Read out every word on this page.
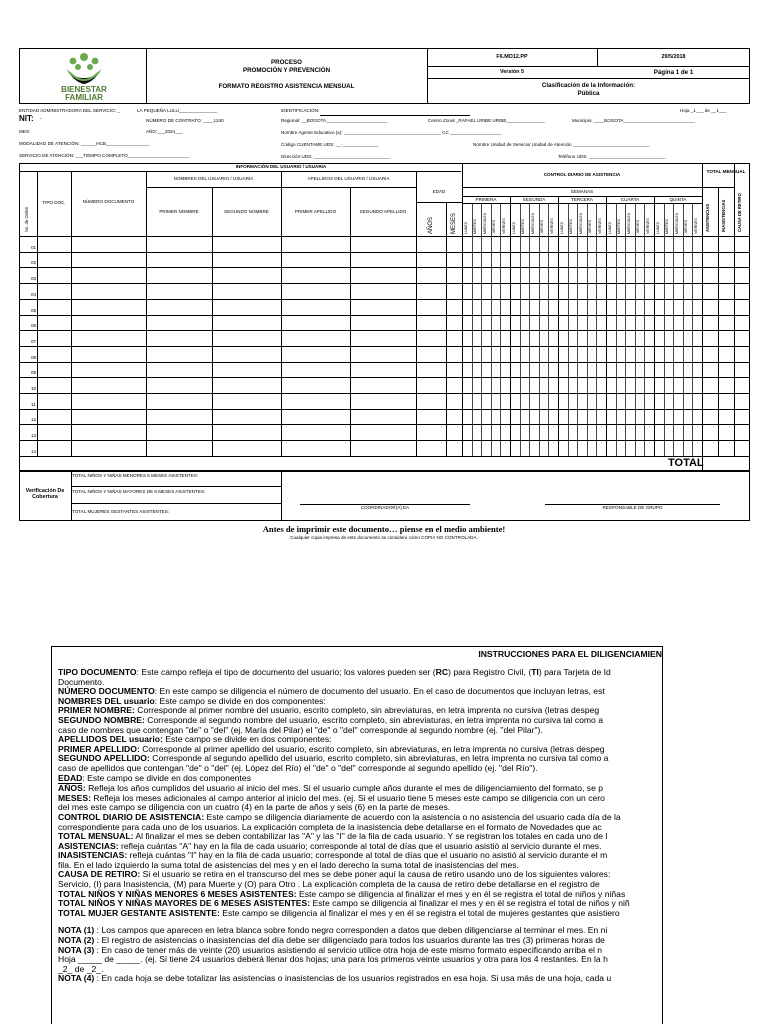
BIENESTAR
FAMILIAR
PROCESO
PROMOCIÓN Y PREVENCIÓN
FORMATO REGISTRO ASISTENCIA MENSUAL
F6.MO12.PP	29/5/2018
Versión 5	Página 1 de 1
Clasificación de la Información:
Pública
ENTIDAD ADMINISTRADORA DEL SERVICIO: _	LA PEQUEÑA LULU_______________
NIT: -	NÚMERO DE CONTRATO: ____1240
MES:	AÑO:___2024___
MODALIDAD DE ATENCIÓN: ______HCB_________________
SERVICIO DE ATENCIÓN: ___TIEMPO COMPLETO________________________
IDENTIFICACIÓN:	Hoja _1___ de __1___
Regional: __BOGOTA________________________	Centro Zonal _RAFAEL URIBE URIBE_______________	Municipio: ____BOGOTA____________________________
Nombre Agente Educativo (a): ______________________________________ CC ____________________
Código CUENTAME UDS: __-______________	Nombre Unidad de Servicio/ Unidad de Atención ______________________________
Dirección UDS: ______________________________	Teléfono UDS: ______________________________
INFORMACIÓN DEL USUARIO / USUARIA
No. de Orden
TIPO DOC.	NÚMERO DOCUMENTO
NOMBRES DEL USUARIO / USUARIA	APELLIDOS DEL USUARIO / USUARIA
PRIMER NOMBRE	SEGUNDO NOMBRE	PRIMER APELLIDO	SEGUNDO APELLIDO
EDAD
AÑOS	MESES
CONTROL DIARIO DE ASISTENCIA
SEMANAS
TOTAL MENSUAL
ASISTENCIAS	INASISTENCIAS	CAUSA DE RETIRO
PRIMERA
LUNES MARTES MIÉRCOLES JUEVES VIERNES
SEGUNDA
LUNES MARTES MIÉRCOLES JUEVES VIERNES
TERCERA
LUNES MARTES MIÉRCOLES JUEVES VIERNES
CUARTA
LUNES MARTES MIÉRCOLES JUEVES VIERNES
QUINTA
LUNES MARTES MIÉRCOLES JUEVES VIERNES
01
02
03
04
05
06
07
08
09
10
11
12
13
14
TOTAL
Verificación De Cobertura
TOTAL NIÑOS Y NIÑAS MENORES 6 MESES ASISTENTES:
TOTAL NIÑOS Y NIÑAS MAYORES DE 6 MESES ASISTENTES:
TOTAL MUJERES GESTANTES ASISTENTES:
COORDINADOR(A) EA	RESPONSABLE DE GRUPO
Antes de imprimir este documento… piense en el medio ambiente!
Cualquier copia impresa de este documento se considera como COPIA NO CONTROLADA.
INSTRUCCIONES PARA EL DILIGENCIAMIEN
TIPO DOCUMENTO: Este campo refleja el tipo de documento del usuario; los valores pueden ser (RC) para Registro Civil, (TI) para Tarjeta de Id
Documento.
NÚMERO DOCUMENTO: En este campo se diligencia el número de documento del usuario. En el caso de documentos que incluyan letras, est
NOMBRES DEL usuario: Este campo se divide en dos componentes:
PRIMER NOMBRE: Corresponde al primer nombre del usuario, escrito completo, sin abreviaturas, en letra imprenta no cursiva (letras despeg
SEGUNDO NOMBRE: Corresponde al segundo nombre del usuario, escrito completo, sin abreviaturas, en letra imprenta no cursiva tal como a
caso de nombres que contengan "de" o "del" (ej. María del Pilar) el "de" o "del" corresponde al segundo nombre (ej. "del Pilar").
APELLIDOS DEL usuario: Este campo se divide en dos componentes:
PRIMER APELLIDO: Corresponde al primer apellido del usuario, escrito completo, sin abreviaturas, en letra imprenta no cursiva (letras despeg
SEGUNDO APELLIDO: Corresponde al segundo apellido del usuario, escrito completo, sin abreviaturas, en letra imprenta no cursiva tal como a
caso de apellidos que contengan "de" o "del" (ej. López del Río) el "de" o "del" corresponde al segundo apellido (ej. "del Río").
EDAD: Este campo se divide en dos componentes
AÑOS: Refleja los años cumplidos del usuario al inicio del mes. Si el usuario cumple años durante el mes de diligenciamiento del formato, se p
MESES: Refleja los meses adicionales al campo anterior al inicio del mes. (ej. Si el usuario tiene 5 meses este campo se diligencia con un cero
del mes este campo se diligencia con un cuatro (4) en la parte de años y seis (6) en la parte de meses.
CONTROL DIARIO DE ASISTENCIA: Este campo se diligencia diariamente de acuerdo con la asistencia o no asistencia del usuario cada día de la
correspondiente para cada uno de los usuarios. La explicación completa de la inasistencia debe detallarse en el formato de Novedades que ac
TOTAL MENSUAL: Al finalizar el mes se deben contabilizar las "A" y las "I" de la fila de cada usuario. Y se registran los totales en cada uno de l
ASISTENCIAS: refleja cuántas "A" hay en la fila de cada usuario; corresponde al total de días que el usuario asistió al servicio durante el mes.
INASISTENCIAS: refleja cuántas "I" hay en la fila de cada usuario; corresponde al total de días que el usuario no asistió al servicio durante el m
fila. En el lado izquierdo la suma total de asistencias del mes y en el lado derecho la suma total de inasistencias del mes.
CAUSA DE RETIRO: Si el usuario se retira en el transcurso del mes se debe poner aquí la causa de retiro usando uno de los siguientes valores:
Servicio, (I) para Inasistencia, (M) para Muerte y (O) para Otro . La explicación completa de la causa de retiro debe detallarse en el registro de
TOTAL NIÑOS Y NIÑAS MENORES 6 MESES ASISTENTES: Este campo se diligencia al finalizar el mes y en él se registra el total de niños y niñas
TOTAL NIÑOS Y NIÑAS MAYORES DE 6 MESES ASISTENTES: Este campo se diligencia al finalizar el mes y en él se registra el total de niños y niñ
TOTAL MUJER GESTANTE ASISTENTE: Este campo se diligencia al finalizar el mes y en él se registra el total de mujeres gestantes que asistiero
NOTA (1) : Los campos que aparecen en letra blanca sobre fondo negro corresponden a datos que deben diligenciarse al terminar el mes. En ni
NOTA (2) : El registro de asistencias o inasistencias del día debe ser diligenciado para todos los usuarios durante las tres (3) primeras horas de
NOTA (3) : En caso de tener más de veinte (20) usuarios asistiendo al servicio utilice otra hoja de este mismo formato especificando arriba el n
Hoja _____ de _____. (ej. Si tiene 24 usuarios deberá llenar dos hojas; una para los primeros veinte usuarios y otra para los 4 restantes. En la h
_2_ de _2_.
NOTA (4) : En cada hoja se debe totalizar las asistencias o inasistencias de los usuarios registrados en esa hoja. Si usa más de una hoja, cada u
